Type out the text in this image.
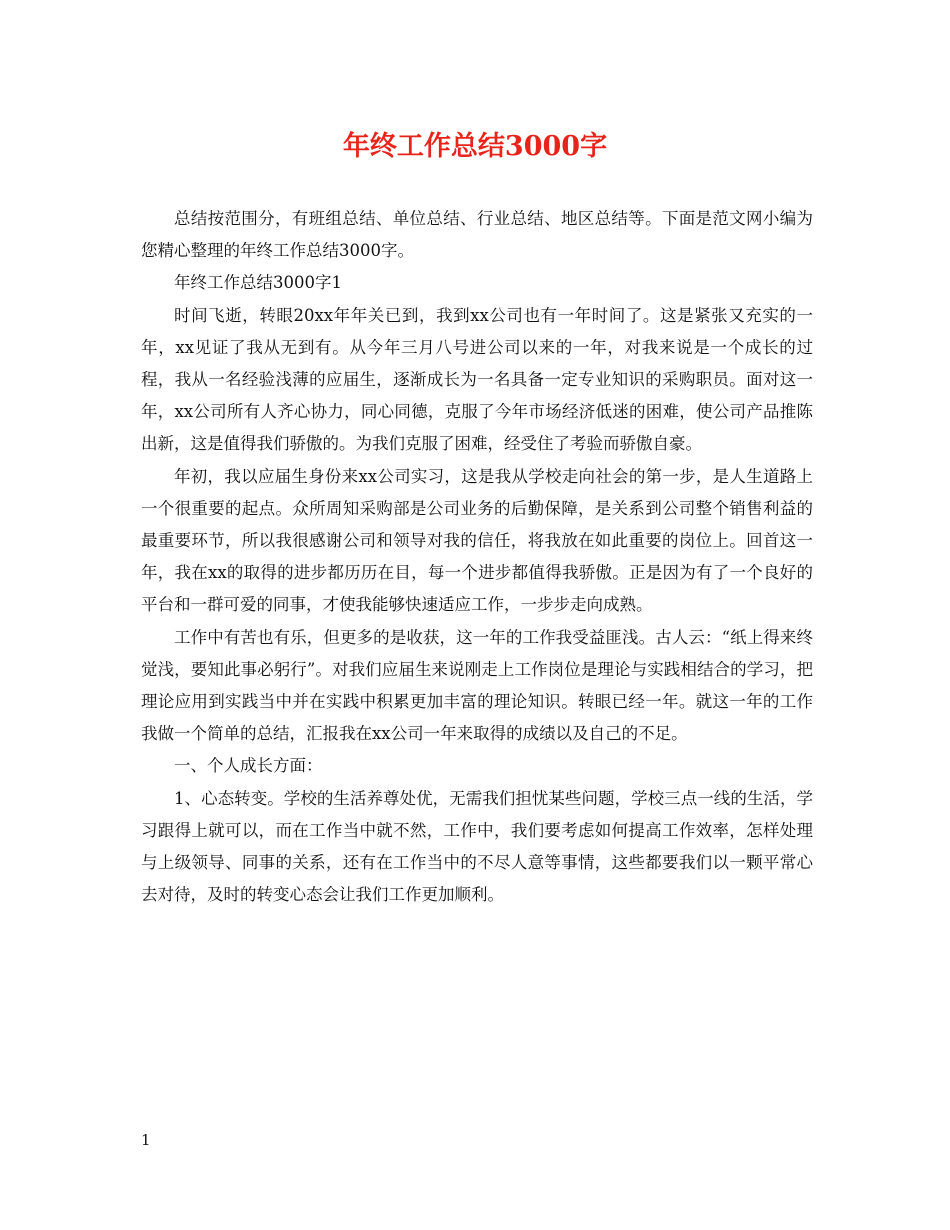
年终工作总结3000字

总结按范围分，有班组总结、单位总结、行业总结、地区总结等。下面是范文网小编为您精心整理的年终工作总结3000字。

年终工作总结3000字1

时间飞逝，转眼20xx年年关已到，我到xx公司也有一年时间了。这是紧张又充实的一年，xx见证了我从无到有。从今年三月八号进公司以来的一年，对我来说是一个成长的过程，我从一名经验浅薄的应届生，逐渐成长为一名具备一定专业知识的采购职员。面对这一年，xx公司所有人齐心协力，同心同德，克服了今年市场经济低迷的困难，使公司产品推陈出新，这是值得我们骄傲的。为我们克服了困难，经受住了考验而骄傲自豪。

年初，我以应届生身份来xx公司实习，这是我从学校走向社会的第一步，是人生道路上一个很重要的起点。众所周知采购部是公司业务的后勤保障，是关系到公司整个销售利益的最重要环节，所以我很感谢公司和领导对我的信任，将我放在如此重要的岗位上。回首这一年，我在xx的取得的进步都历历在目，每一个进步都值得我骄傲。正是因为有了一个良好的平台和一群可爱的同事，才使我能够快速适应工作，一步步走向成熟。

工作中有苦也有乐，但更多的是收获，这一年的工作我受益匪浅。古人云：“纸上得来终觉浅，要知此事必躬行”。对我们应届生来说刚走上工作岗位是理论与实践相结合的学习，把理论应用到实践当中并在实践中积累更加丰富的理论知识。转眼已经一年。就这一年的工作我做一个简单的总结，汇报我在xx公司一年来取得的成绩以及自己的不足。

一、个人成长方面：

1、心态转变。学校的生活养尊处优，无需我们担忧某些问题，学校三点一线的生活，学习跟得上就可以，而在工作当中就不然，工作中，我们要考虑如何提高工作效率，怎样处理与上级领导、同事的关系，还有在工作当中的不尽人意等事情，这些都要我们以一颗平常心去对待，及时的转变心态会让我们工作更加顺利。

1
